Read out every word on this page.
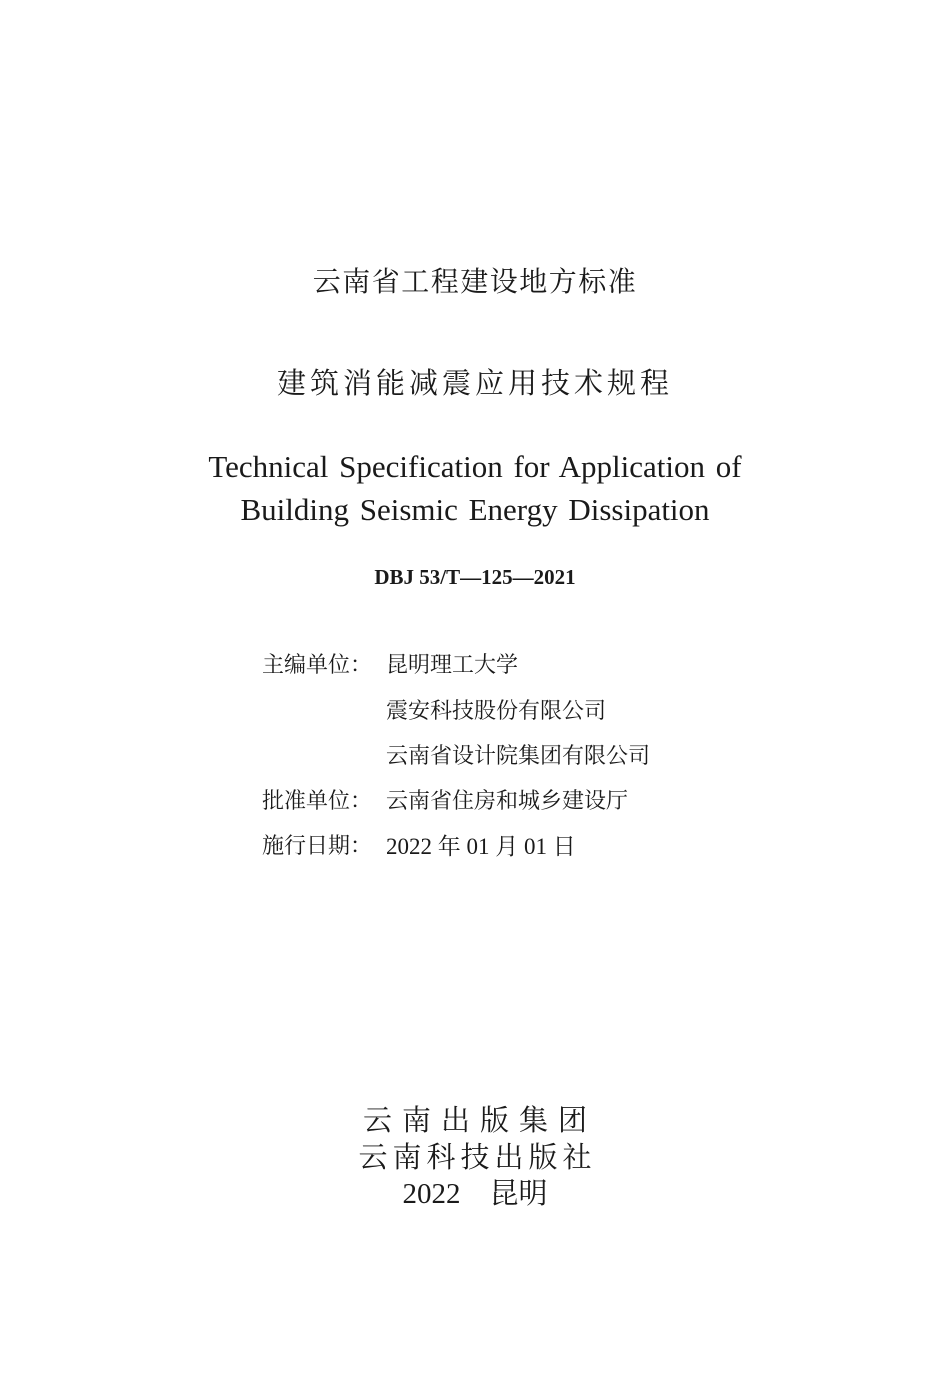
云南省工程建设地方标准
建筑消能减震应用技术规程
Technical Specification for Application of
Building Seismic Energy Dissipation
DBJ 53/T—125—2021
主编单位： 昆明理工大学
震安科技股份有限公司
云南省设计院集团有限公司
批准单位： 云南省住房和城乡建设厅
施行日期： 2022 年 01 月 01 日
云南出版集团
云南科技出版社
2022　昆明
